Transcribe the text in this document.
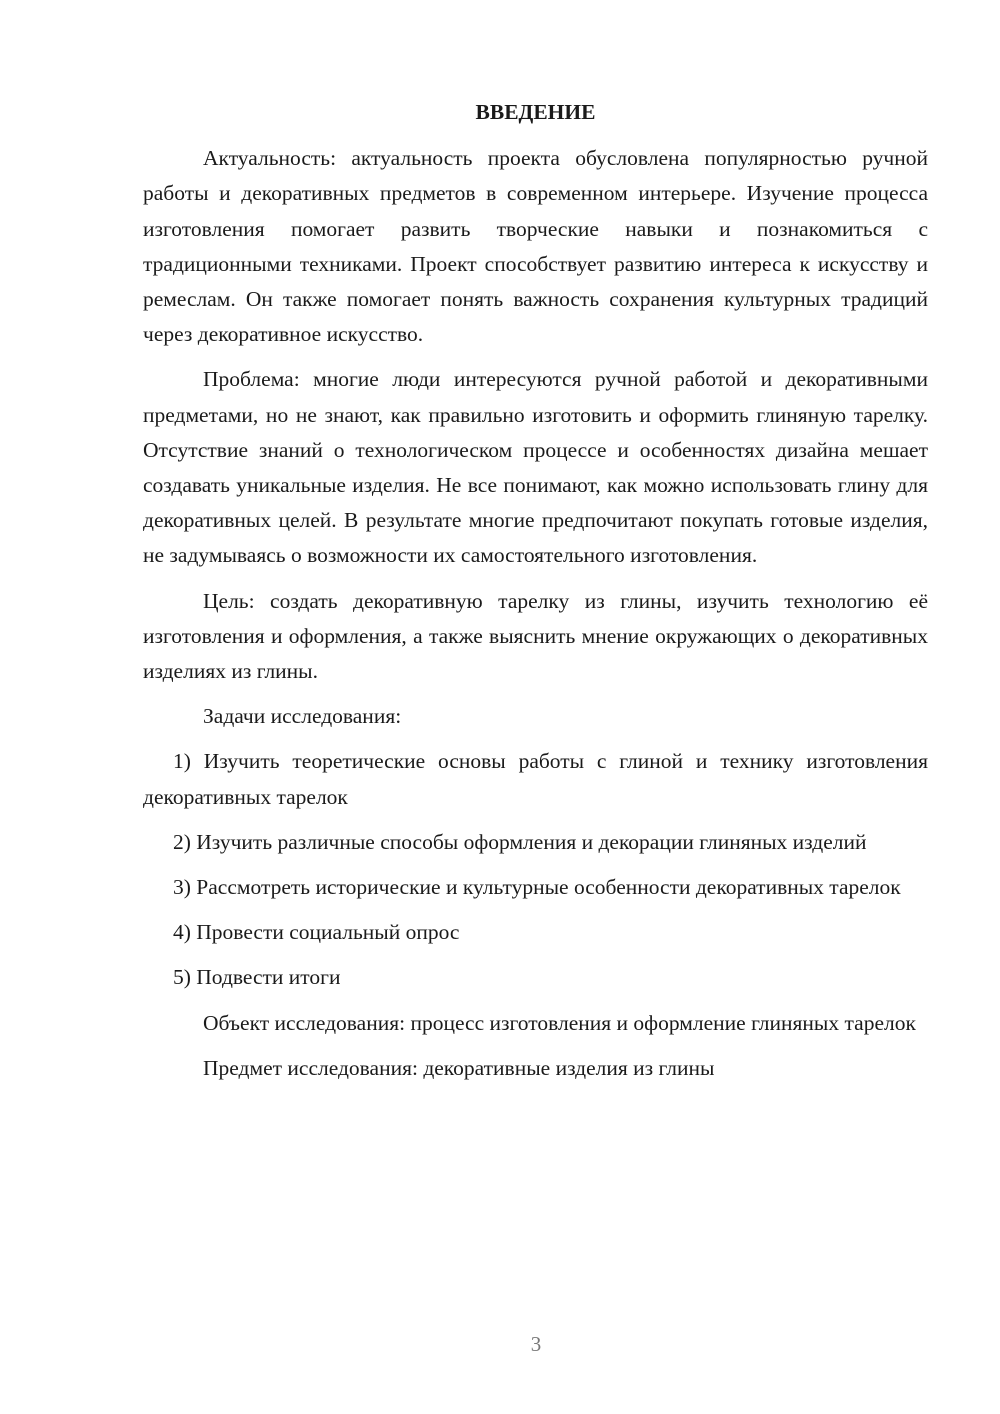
ВВЕДЕНИЕ

Актуальность: актуальность проекта обусловлена популярностью ручной работы и декоративных предметов в современном интерьере. Изучение процесса изготовления помогает развить творческие навыки и познакомиться с традиционными техниками. Проект способствует развитию интереса к искусству и ремеслам. Он также помогает понять важность сохранения культурных традиций через декоративное искусство.

Проблема: многие люди интересуются ручной работой и декоративными предметами, но не знают, как правильно изготовить и оформить глиняную тарелку. Отсутствие знаний о технологическом процессе и особенностях дизайна мешает создавать уникальные изделия. Не все понимают, как можно использовать глину для декоративных целей. В результате многие предпочитают покупать готовые изделия, не задумываясь о возможности их самостоятельного изготовления.

Цель: создать декоративную тарелку из глины, изучить технологию её изготовления и оформления, а также выяснить мнение окружающих о декоративных изделиях из глины.

Задачи исследования:

1) Изучить теоретические основы работы с глиной и технику изготовления декоративных тарелок

2) Изучить различные способы оформления и декорации глиняных изделий

3) Рассмотреть исторические и культурные особенности декоративных тарелок

4) Провести социальный опрос

5) Подвести итоги

Объект исследования: процесс изготовления и оформление глиняных тарелок

Предмет исследования: декоративные изделия из глины

3
